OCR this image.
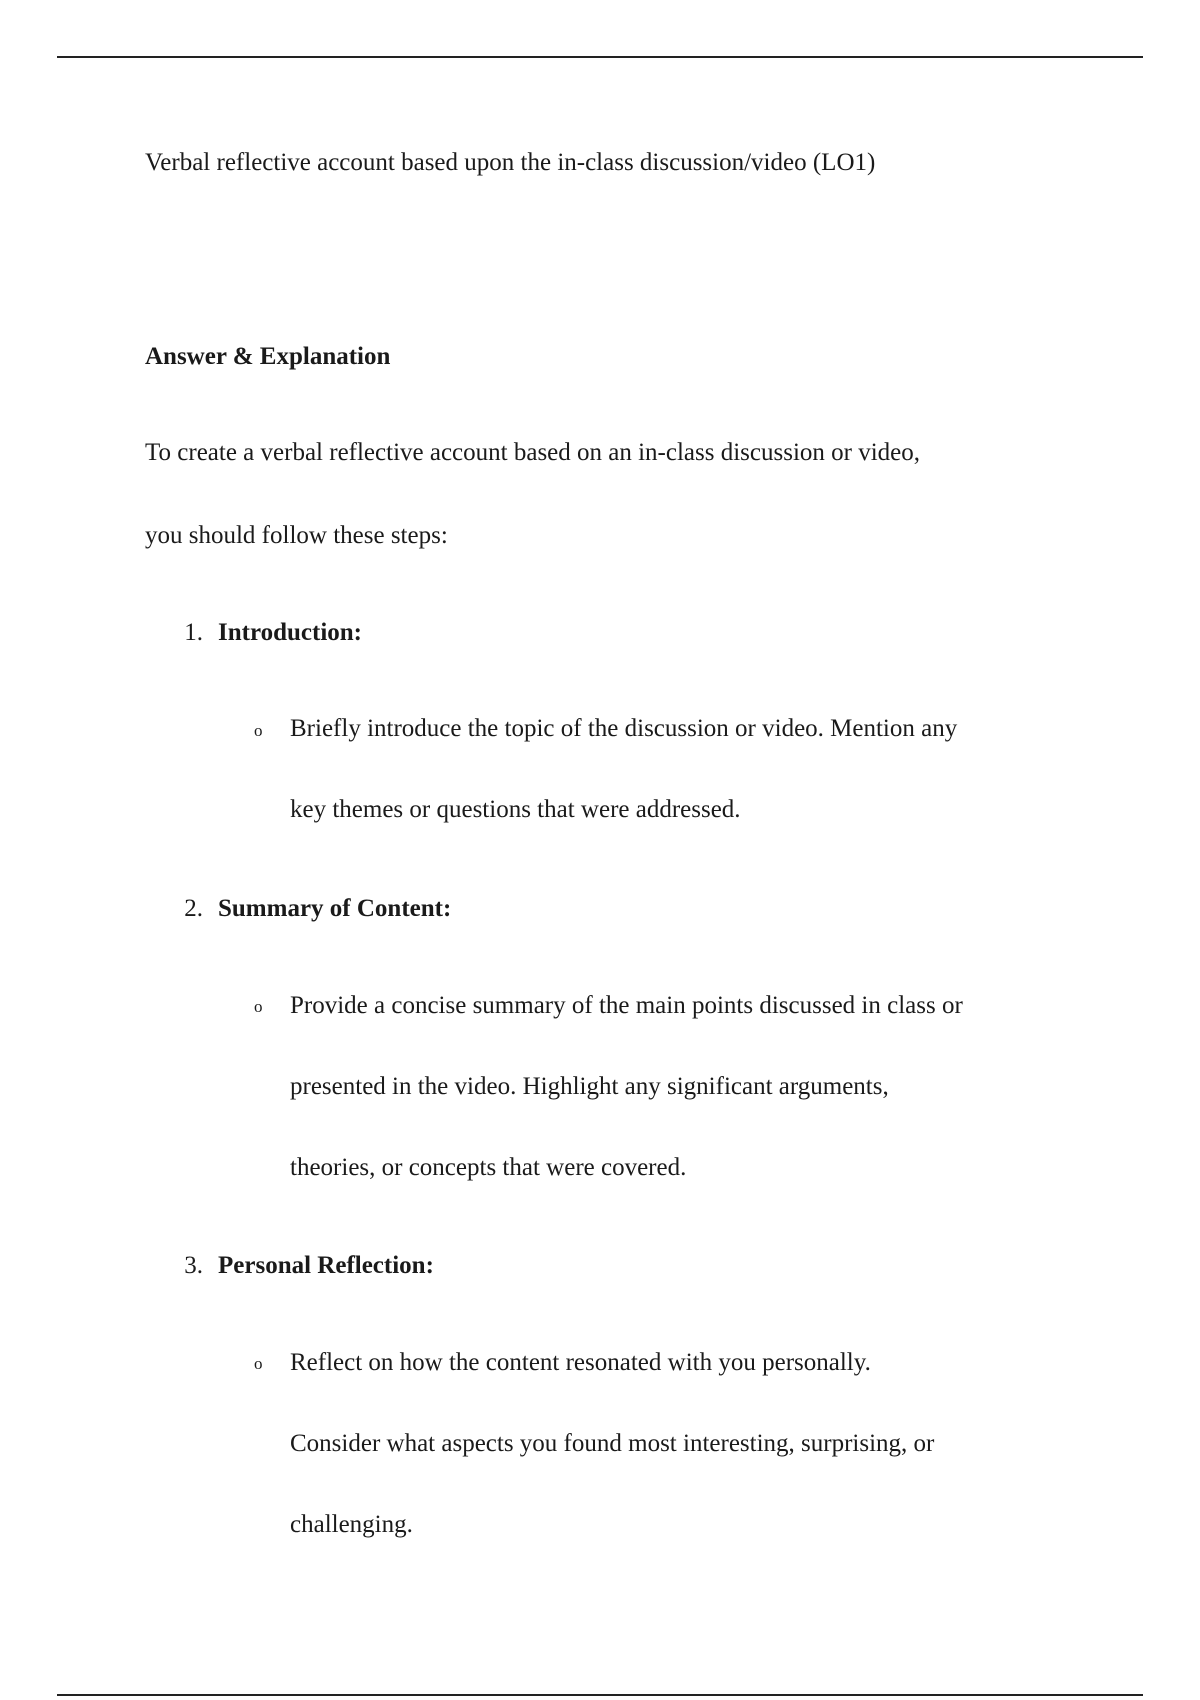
Verbal reflective account based upon the in-class discussion/video (LO1)
Answer & Explanation
To create a verbal reflective account based on an in-class discussion or video,
you should follow these steps:
1. Introduction:
o Briefly introduce the topic of the discussion or video. Mention any
key themes or questions that were addressed.
2. Summary of Content:
o Provide a concise summary of the main points discussed in class or
presented in the video. Highlight any significant arguments,
theories, or concepts that were covered.
3. Personal Reflection:
o Reflect on how the content resonated with you personally.
Consider what aspects you found most interesting, surprising, or
challenging.
